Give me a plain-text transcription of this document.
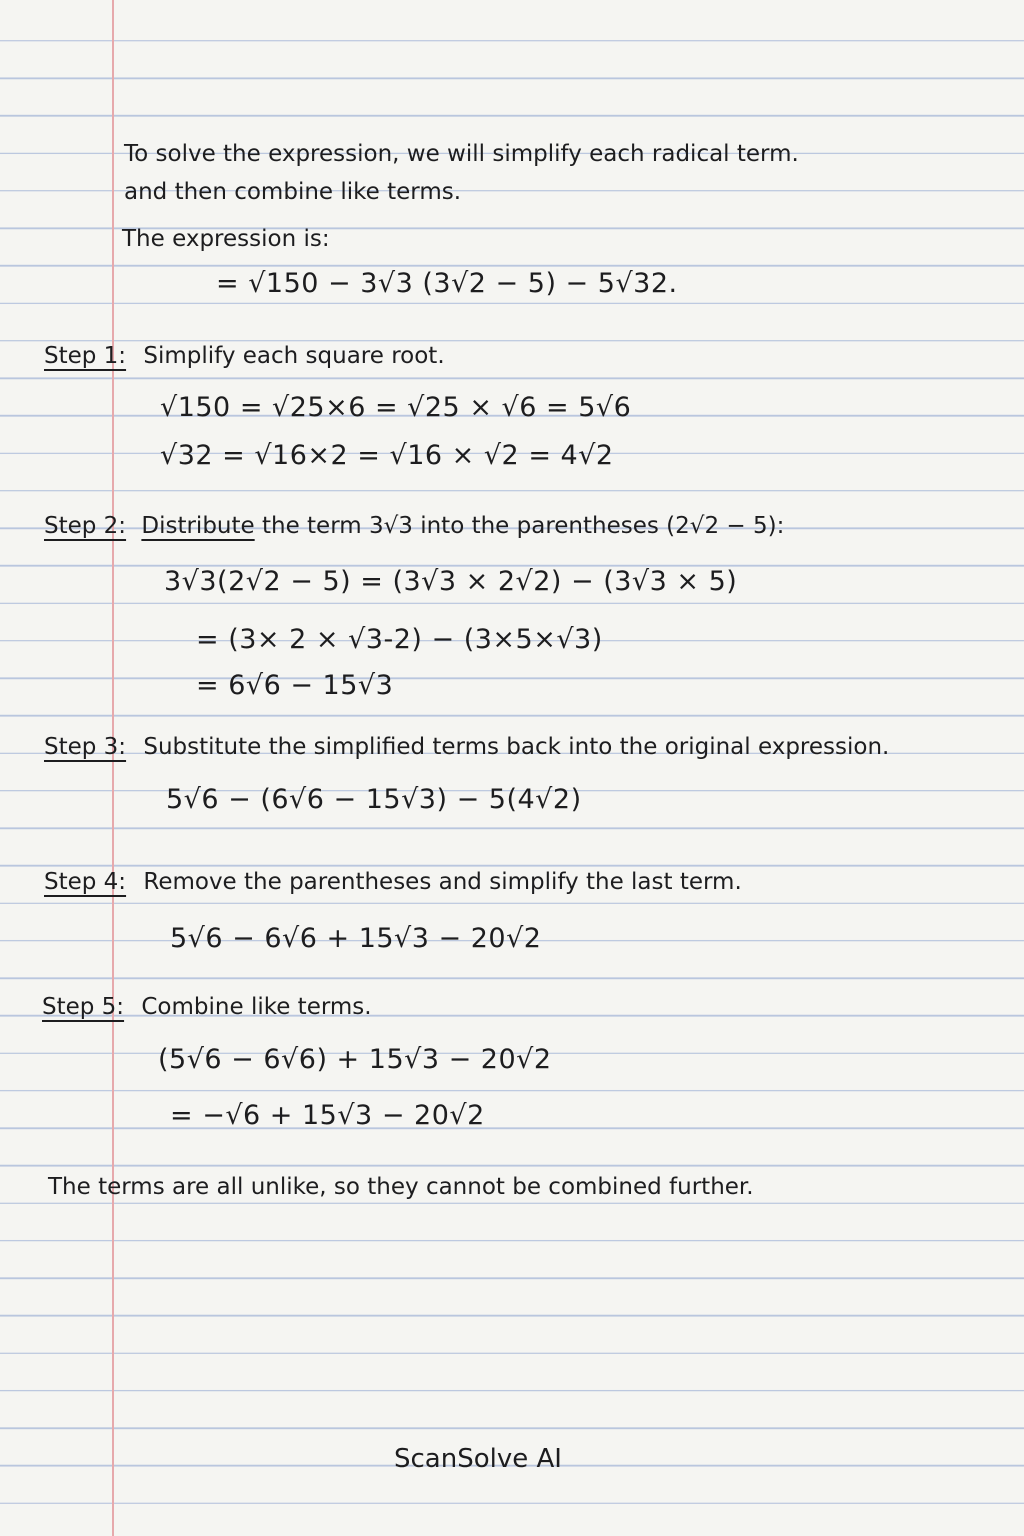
To solve the expression, we will simplify each radical term.
and then combine like terms.
The expression is:
= √150 − 3√3 (3√2 − 5) − 5√32.
Step 1: Simplify each square root.
√150 = √25×6 = √25 × √6 = 5√6
√32 = √16×2 = √16 × √2 = 4√2
Step 2: Distribute the term 3√3 into the parentheses (2√2 − 5):
3√3(2√2 − 5) = (3√3 × 2√2) − (3√3 × 5)
= (3× 2 × √3-2) − (3×5×√3)
= 6√6 − 15√3
Step 3: Substitute the simplified terms back into the original expression.
5√6 − (6√6 − 15√3) − 5(4√2)
Step 4: Remove the parentheses and simplify the last term.
5√6 − 6√6 + 15√3 − 20√2
Step 5: Combine like terms.
(5√6 − 6√6) + 15√3 − 20√2
= −√6 + 15√3 − 20√2
The terms are all unlike, so they cannot be combined further.
ScanSolve AI
